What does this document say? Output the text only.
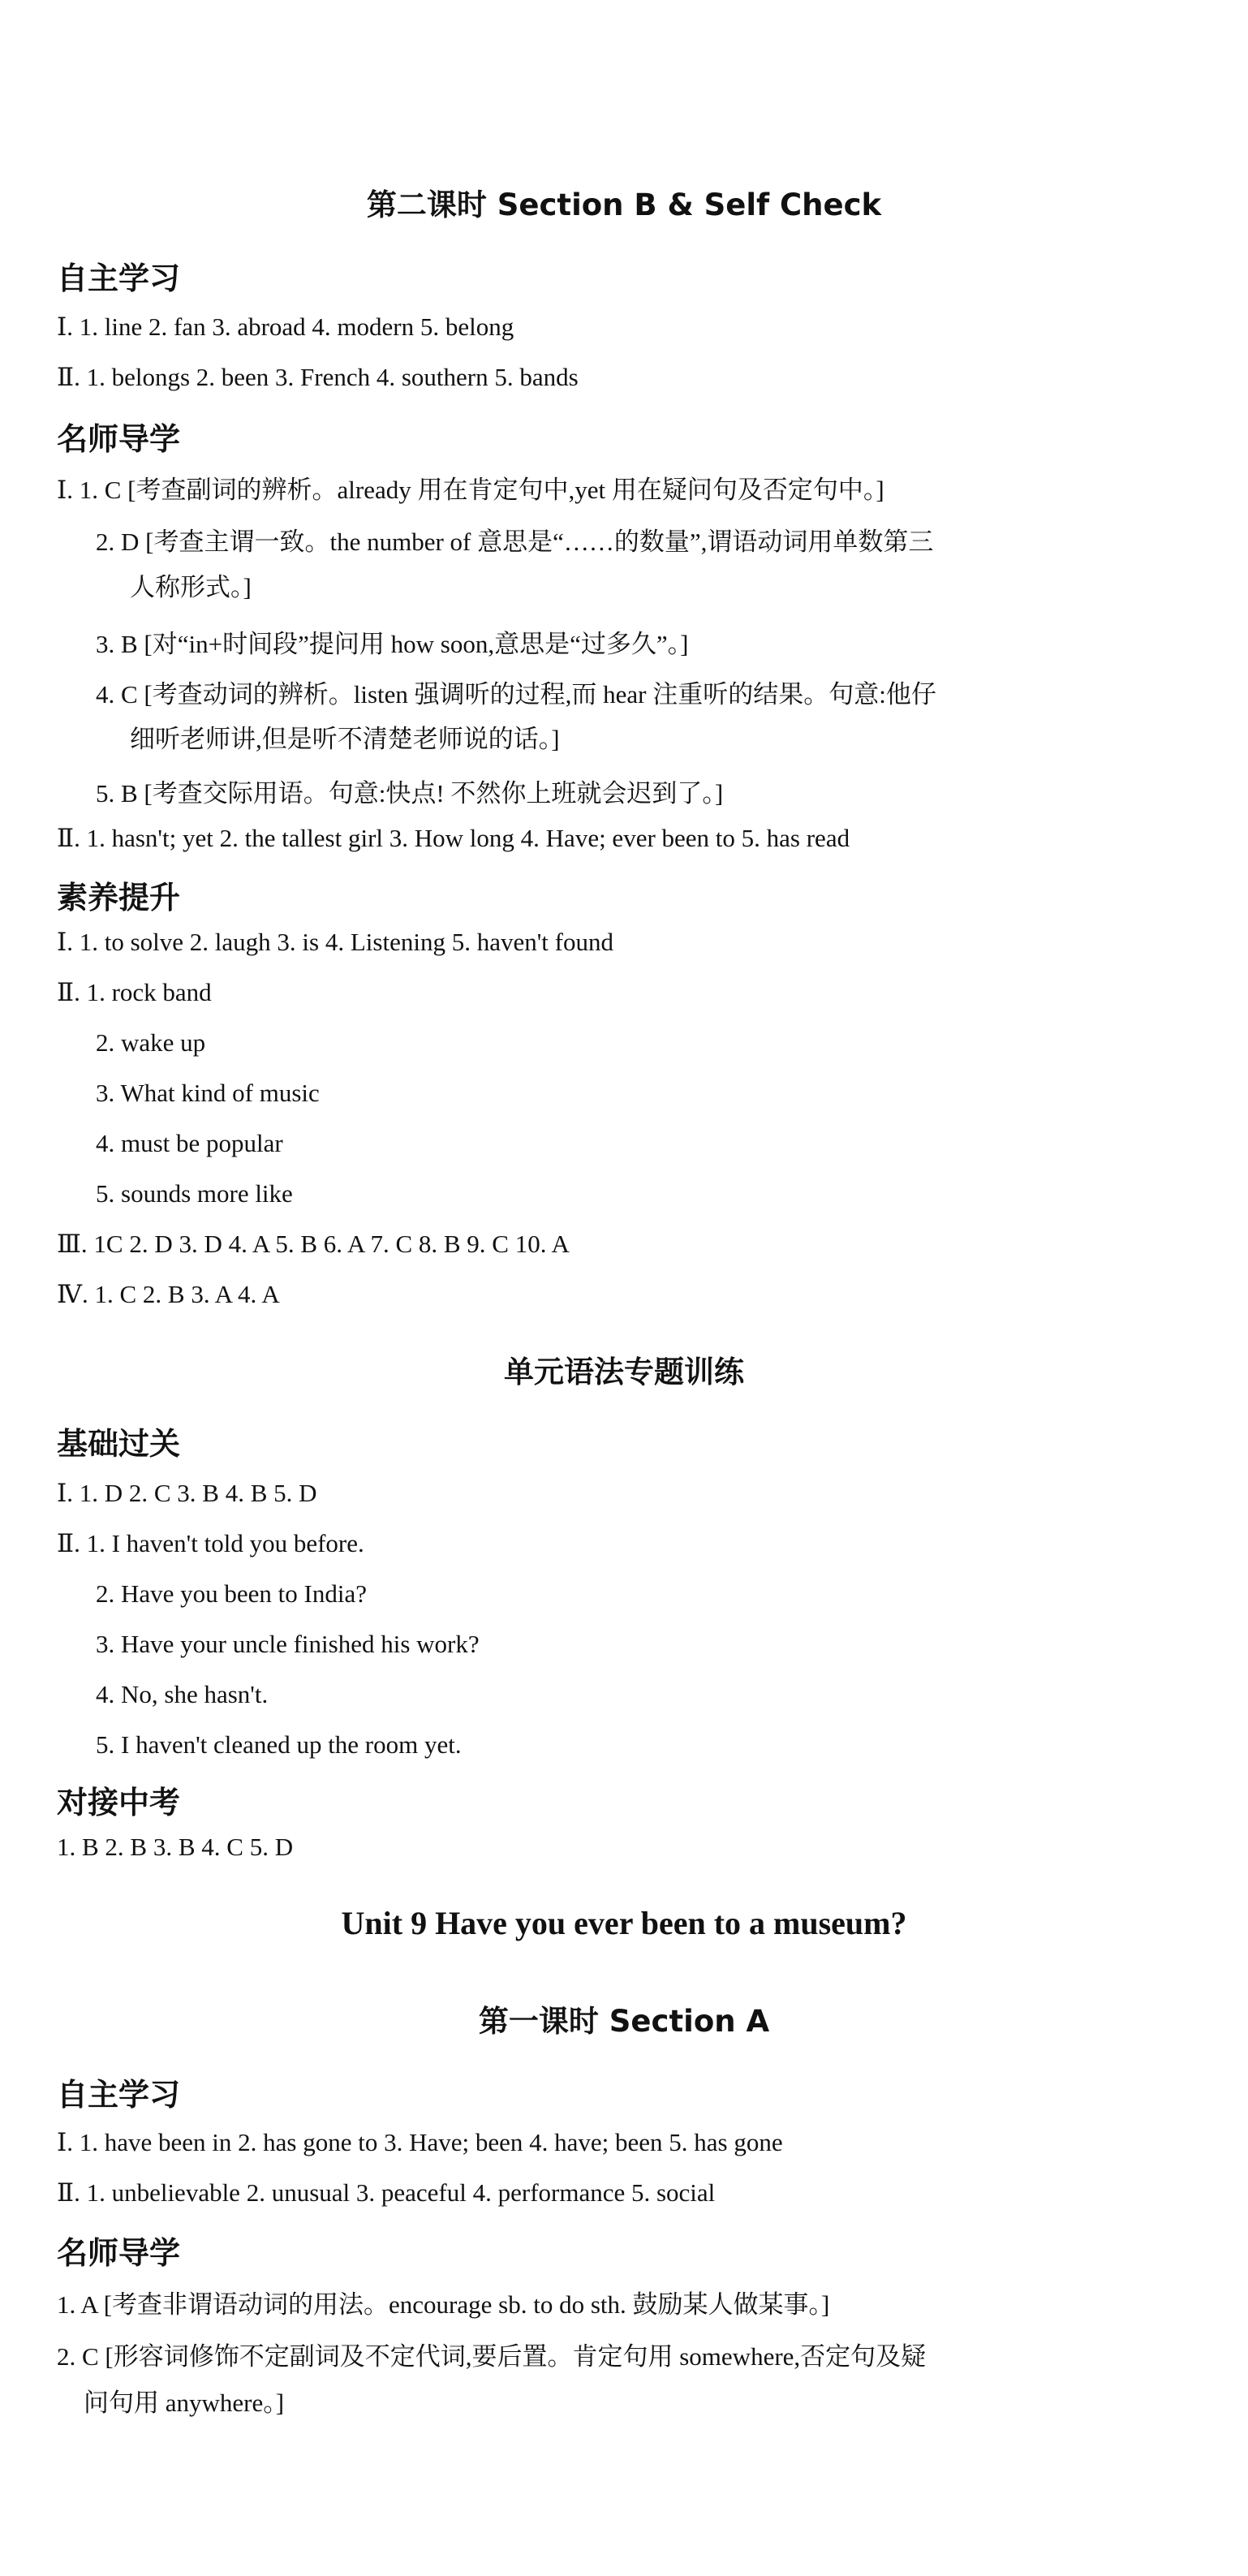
第二课时 Section B & Self Check
自主学习
Ⅰ. 1. line 2. fan 3. abroad 4. modern 5. belong
Ⅱ. 1. belongs 2. been 3. French 4. southern 5. bands
名师导学
Ⅰ. 1. C [考查副词的辨析。already 用在肯定句中,yet 用在疑问句及否定句中。]
2. D [考查主谓一致。the number of 意思是“……的数量”,谓语动词用单数第三
人称形式。]
3. B [对“in+时间段”提问用 how soon,意思是“过多久”。]
4. C [考查动词的辨析。listen 强调听的过程,而 hear 注重听的结果。句意:他仔
细听老师讲,但是听不清楚老师说的话。]
5. B [考查交际用语。句意:快点! 不然你上班就会迟到了。]
Ⅱ. 1. hasn't; yet 2. the tallest girl 3. How long 4. Have; ever been to 5. has read
素养提升
Ⅰ. 1. to solve 2. laugh 3. is 4. Listening 5. haven't found
Ⅱ. 1. rock band
2. wake up
3. What kind of music
4. must be popular
5. sounds more like
Ⅲ. 1C 2. D 3. D 4. A 5. B 6. A 7. C 8. B 9. C 10. A
Ⅳ. 1. C 2. B 3. A 4. A
单元语法专题训练
基础过关
Ⅰ. 1. D 2. C 3. B 4. B 5. D
Ⅱ. 1. I haven't told you before.
2. Have you been to India?
3. Have your uncle finished his work?
4. No, she hasn't.
5. I haven't cleaned up the room yet.
对接中考
1. B 2. B 3. B 4. C 5. D
Unit 9 Have you ever been to a museum?
第一课时 Section A
自主学习
Ⅰ. 1. have been in 2. has gone to 3. Have; been 4. have; been 5. has gone
Ⅱ. 1. unbelievable 2. unusual 3. peaceful 4. performance 5. social
名师导学
1. A [考查非谓语动词的用法。encourage sb. to do sth. 鼓励某人做某事。]
2. C [形容词修饰不定副词及不定代词,要后置。肯定句用 somewhere,否定句及疑
问句用 anywhere。]
